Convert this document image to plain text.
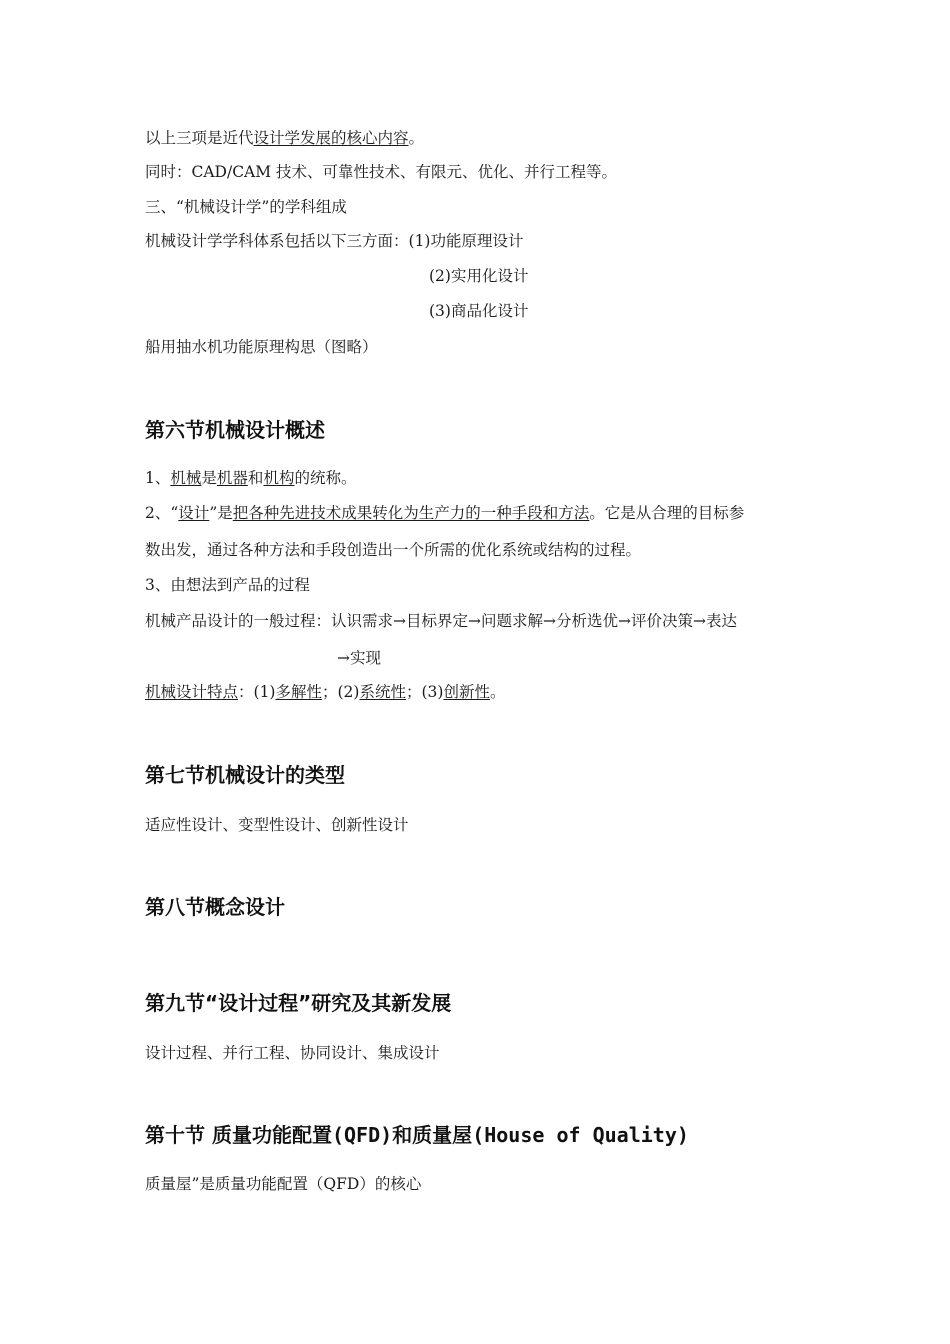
以上三项是近代设计学发展的核心内容。
同时：CAD/CAM 技术、可靠性技术、有限元、优化、并行工程等。
三、“机械设计学”的学科组成
机械设计学学科体系包括以下三方面：(1)功能原理设计
(2)实用化设计
(3)商品化设计
船用抽水机功能原理构思（图略）
第六节机械设计概述
1、机械是机器和机构的统称。
2、“设计”是把各种先进技术成果转化为生产力的一种手段和方法。它是从合理的目标参
数出发，通过各种方法和手段创造出一个所需的优化系统或结构的过程。
3、由想法到产品的过程
机械产品设计的一般过程：认识需求→目标界定→问题求解→分析选优→评价决策→表达
→实现
机械设计特点：(1)多解性；(2)系统性；(3)创新性。
第七节机械设计的类型
适应性设计、变型性设计、创新性设计
第八节概念设计
第九节“设计过程”研究及其新发展
设计过程、并行工程、协同设计、集成设计
第十节 质量功能配置(QFD)和质量屋(House of Quality)
质量屋”是质量功能配置（QFD）的核心
